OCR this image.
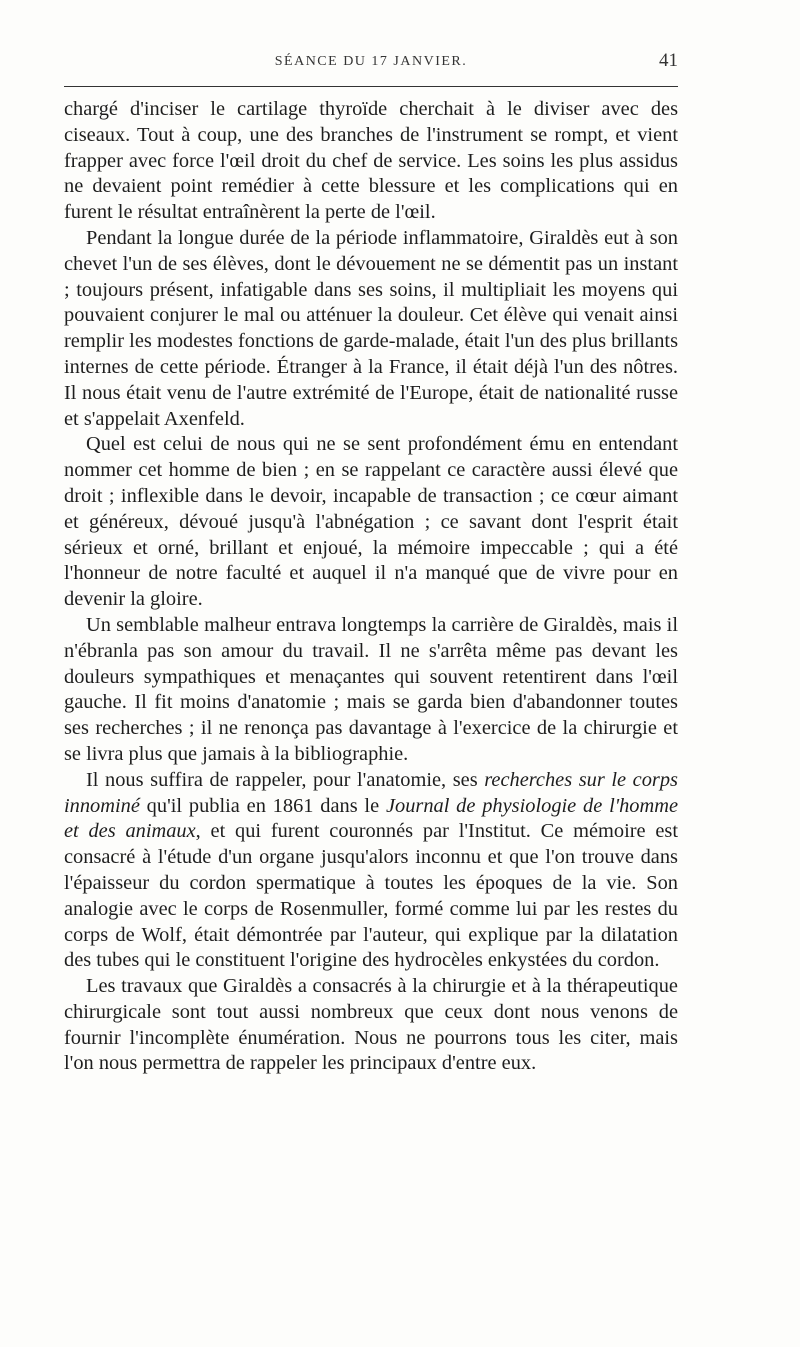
SÉANCE DU 17 JANVIER.	41

chargé d'inciser le cartilage thyroïde cherchait à le diviser avec des ciseaux. Tout à coup, une des branches de l'instrument se rompt, et vient frapper avec force l'œil droit du chef de service. Les soins les plus assidus ne devaient point remédier à cette blessure et les complications qui en furent le résultat entraînèrent la perte de l'œil.

Pendant la longue durée de la période inflammatoire, Giraldès eut à son chevet l'un de ses élèves, dont le dévouement ne se démentit pas un instant ; toujours présent, infatigable dans ses soins, il multipliait les moyens qui pouvaient conjurer le mal ou atténuer la douleur. Cet élève qui venait ainsi remplir les modestes fonctions de garde-malade, était l'un des plus brillants internes de cette période. Étranger à la France, il était déjà l'un des nôtres. Il nous était venu de l'autre extrémité de l'Europe, était de nationalité russe et s'appelait Axenfeld.

Quel est celui de nous qui ne se sent profondément ému en entendant nommer cet homme de bien ; en se rappelant ce caractère aussi élevé que droit ; inflexible dans le devoir, incapable de transaction ; ce cœur aimant et généreux, dévoué jusqu'à l'abnégation ; ce savant dont l'esprit était sérieux et orné, brillant et enjoué, la mémoire impeccable ; qui a été l'honneur de notre faculté et auquel il n'a manqué que de vivre pour en devenir la gloire.

Un semblable malheur entrava longtemps la carrière de Giraldès, mais il n'ébranla pas son amour du travail. Il ne s'arrêta même pas devant les douleurs sympathiques et menaçantes qui souvent retentirent dans l'œil gauche. Il fit moins d'anatomie ; mais se garda bien d'abandonner toutes ses recherches ; il ne renonça pas davantage à l'exercice de la chirurgie et se livra plus que jamais à la bibliographie.

Il nous suffira de rappeler, pour l'anatomie, ses recherches sur le corps innominé qu'il publia en 1861 dans le Journal de physiologie de l'homme et des animaux, et qui furent couronnés par l'Institut. Ce mémoire est consacré à l'étude d'un organe jusqu'alors inconnu et que l'on trouve dans l'épaisseur du cordon spermatique à toutes les époques de la vie. Son analogie avec le corps de Rosenmuller, formé comme lui par les restes du corps de Wolf, était démontrée par l'auteur, qui explique par la dilatation des tubes qui le constituent l'origine des hydrocèles enkystées du cordon.

Les travaux que Giraldès a consacrés à la chirurgie et à la thérapeutique chirurgicale sont tout aussi nombreux que ceux dont nous venons de fournir l'incomplète énumération. Nous ne pourrons tous les citer, mais l'on nous permettra de rappeler les principaux d'entre eux.
